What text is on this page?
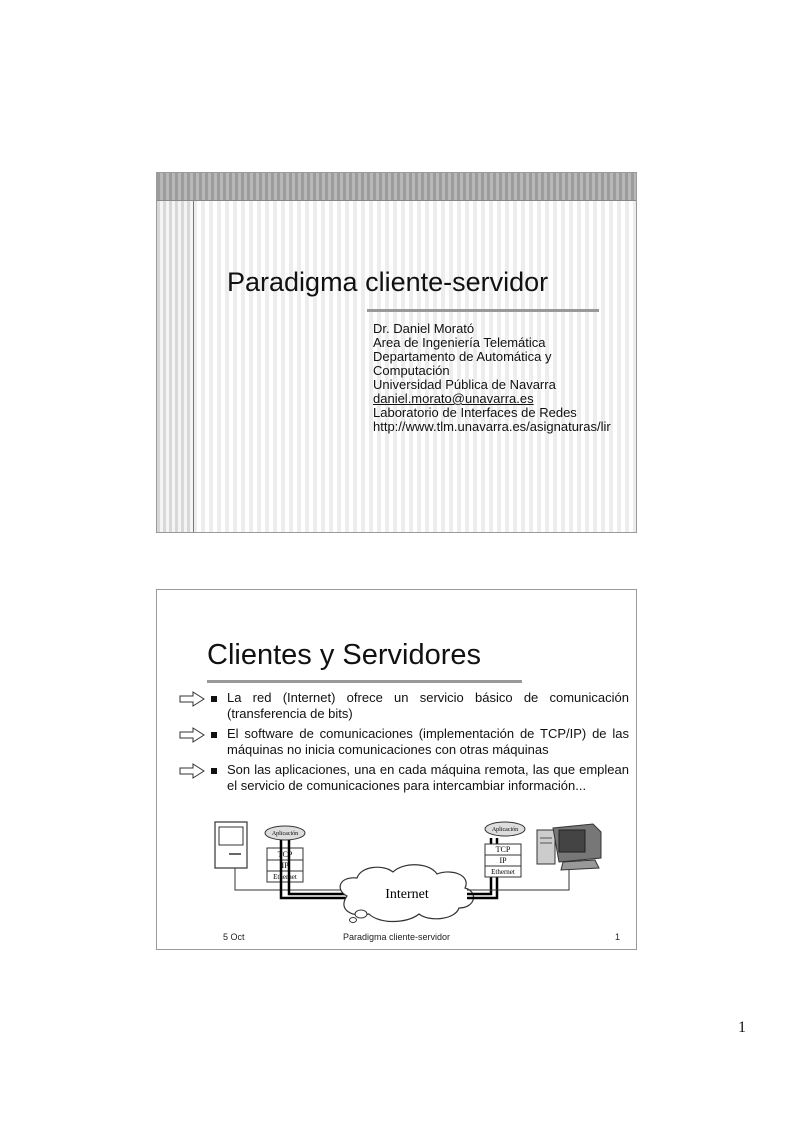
Paradigma cliente-servidor
Dr. Daniel Morató
Area de Ingeniería Telemática
Departamento de Automática y Computación
Universidad Pública de Navarra
daniel.morato@unavarra.es
Laboratorio de Interfaces de Redes
http://www.tlm.unavarra.es/asignaturas/lir
Clientes y Servidores
La red (Internet) ofrece un servicio básico de comunicación (transferencia de bits)
El software de comunicaciones (implementación de TCP/IP) de las máquinas no inicia comunicaciones con otras máquinas
Son las aplicaciones, una en cada máquina remota, las que emplean el servicio de comunicaciones para intercambiar información...
Aplicación
TCP
IP
Ethernet
Internet
Aplicación
TCP
IP
Ethernet
5 Oct	Paradigma cliente-servidor	1
1
